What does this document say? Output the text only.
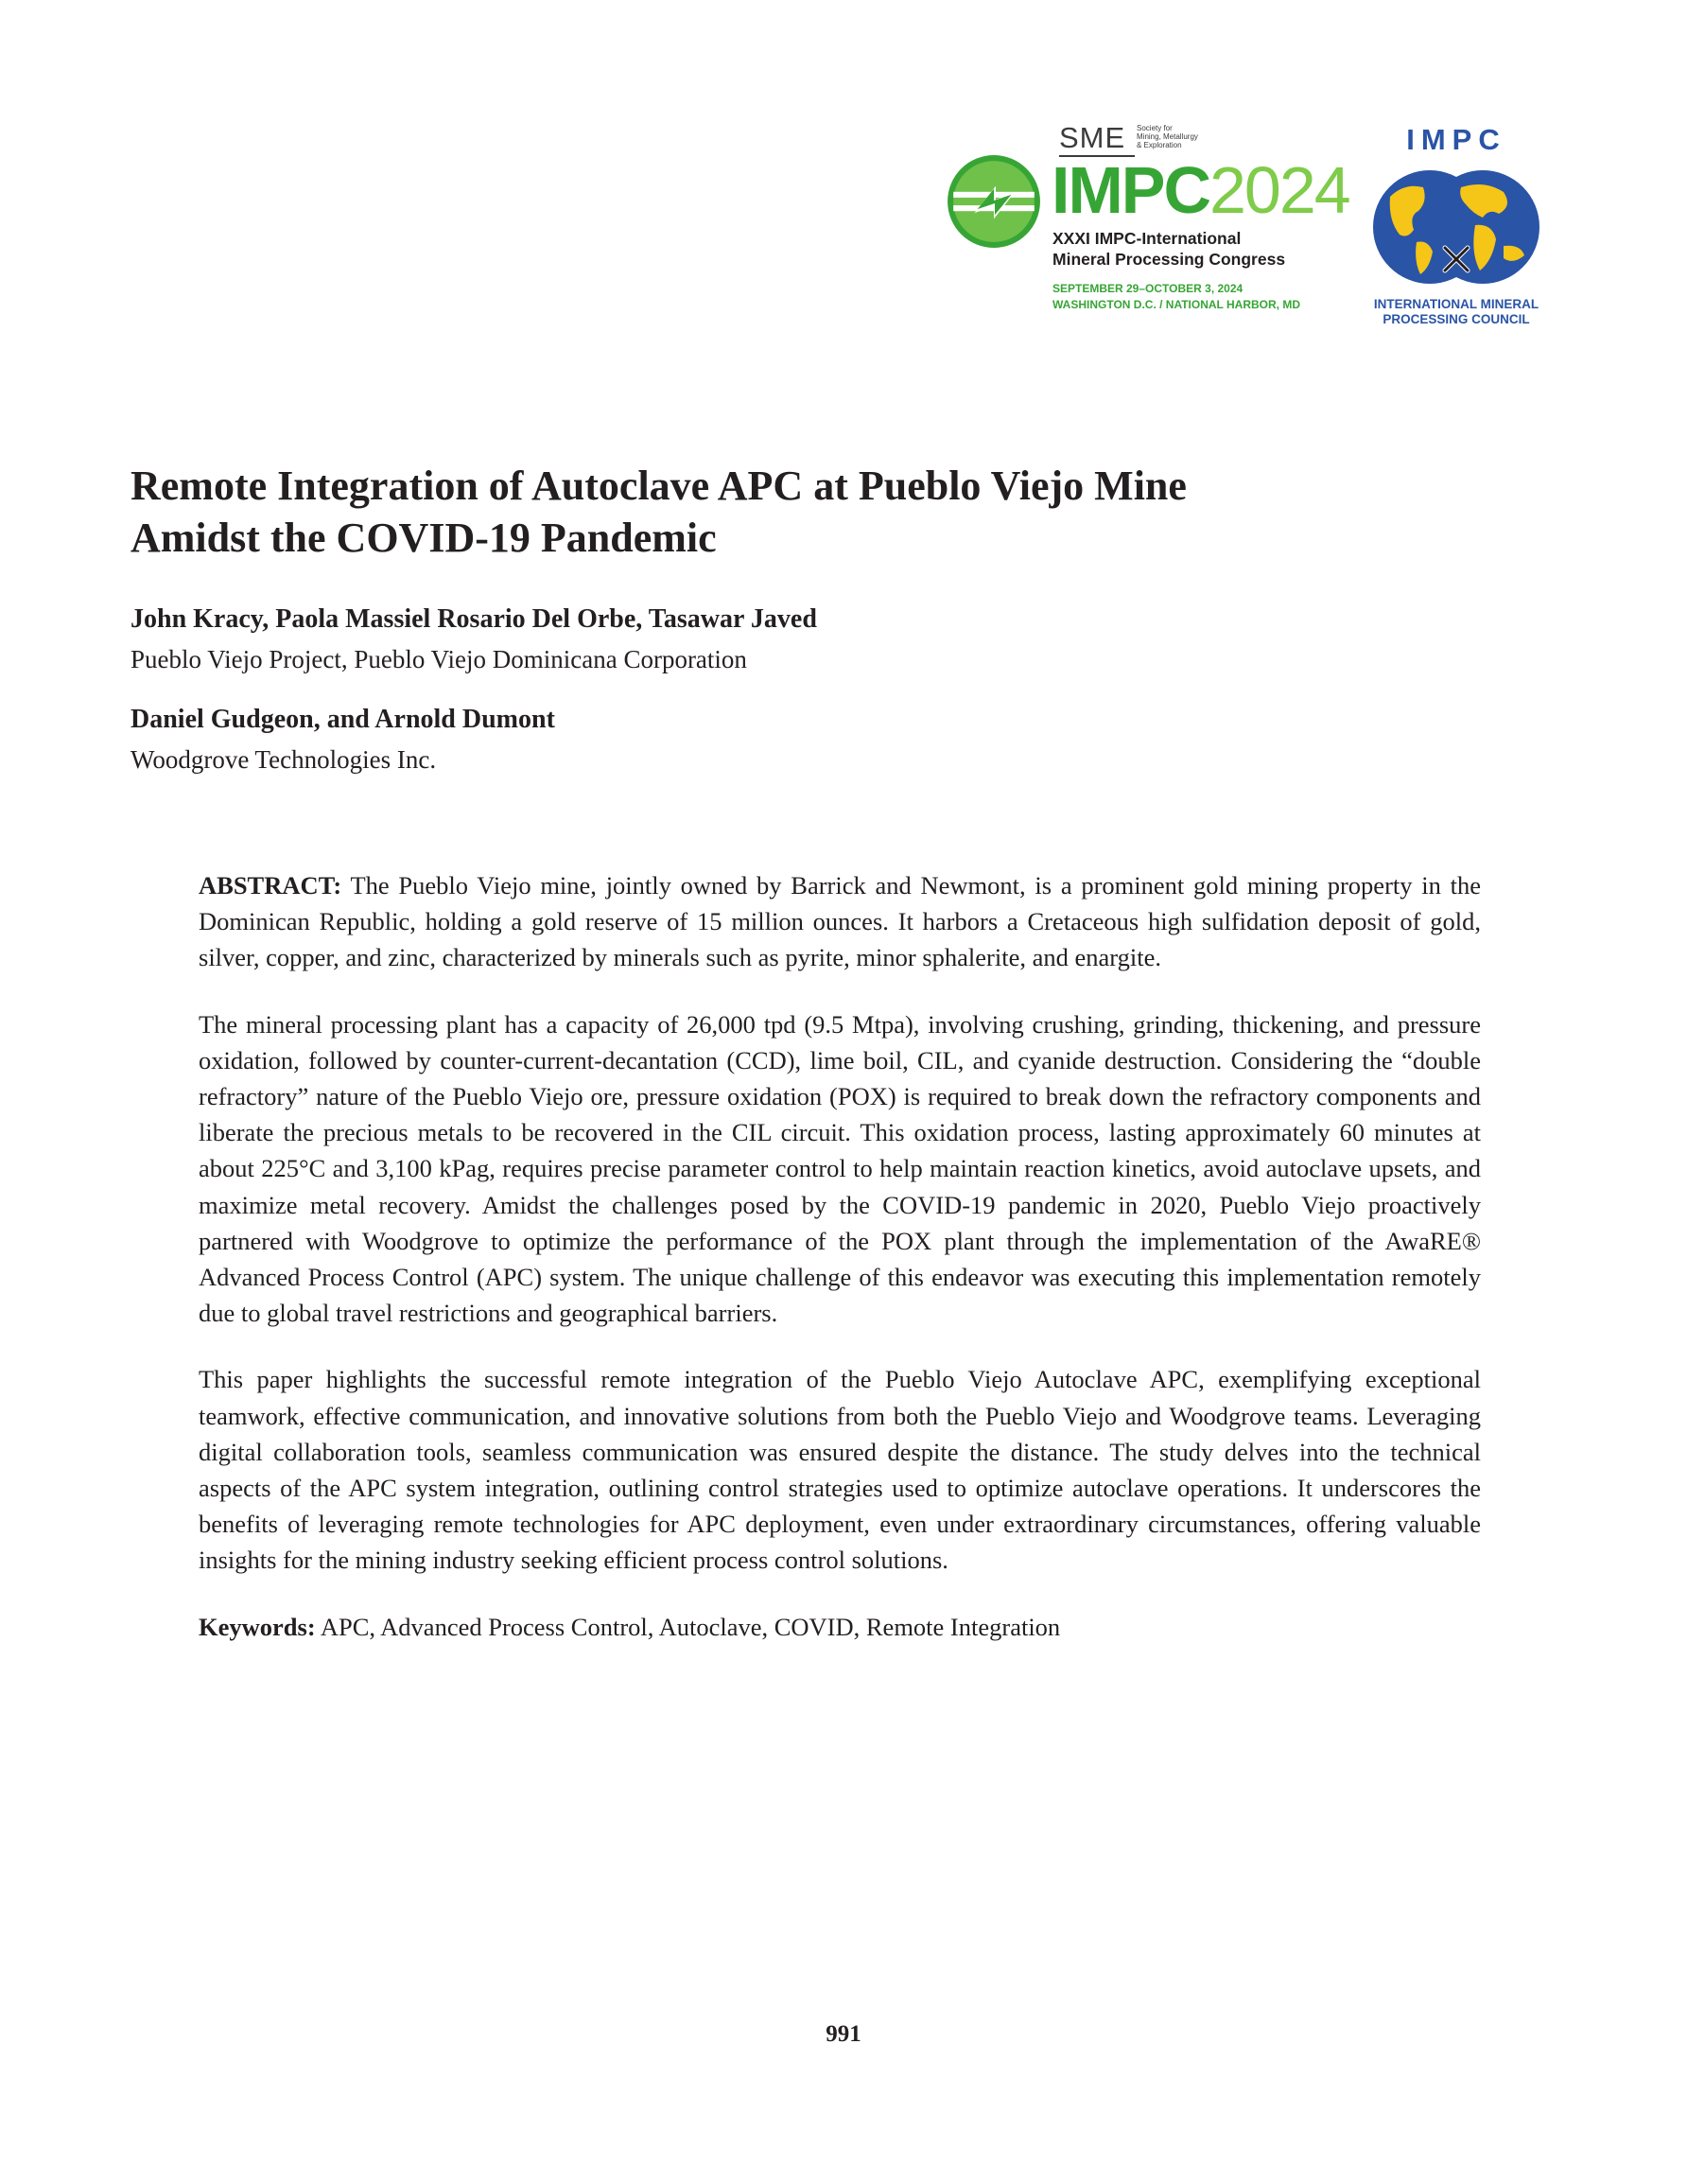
SME Society for
Mining, Metallurgy
& Exploration
IMPC2024
XXXI IMPC-International
Mineral Processing Congress
SEPTEMBER 29–OCTOBER 3, 2024
WASHINGTON D.C. / NATIONAL HARBOR, MD
IMPC
INTERNATIONAL MINERAL
PROCESSING COUNCIL
Remote Integration of Autoclave APC at Pueblo Viejo Mine
Amidst the COVID-19 Pandemic
John Kracy, Paola Massiel Rosario Del Orbe, Tasawar Javed
Pueblo Viejo Project, Pueblo Viejo Dominicana Corporation
Daniel Gudgeon, and Arnold Dumont
Woodgrove Technologies Inc.

ABSTRACT: The Pueblo Viejo mine, jointly owned by Barrick and Newmont, is a prominent gold mining property in the Dominican Republic, holding a gold reserve of 15 million ounces. It harbors a Cretaceous high sulfidation deposit of gold, silver, copper, and zinc, characterized by minerals such as pyrite, minor sphalerite, and enargite.

The mineral processing plant has a capacity of 26,000 tpd (9.5 Mtpa), involving crushing, grinding, thickening, and pressure oxidation, followed by counter-current-decantation (CCD), lime boil, CIL, and cyanide destruction. Considering the “double refractory” nature of the Pueblo Viejo ore, pressure oxidation (POX) is required to break down the refractory components and liberate the precious metals to be recovered in the CIL circuit. This oxidation process, lasting approximately 60 minutes at about 225°C and 3,100 kPag, requires precise parameter control to help maintain reaction kinetics, avoid autoclave upsets, and maximize metal recovery. Amidst the challenges posed by the COVID-19 pandemic in 2020, Pueblo Viejo proactively partnered with Woodgrove to optimize the performance of the POX plant through the implementation of the AwaRE® Advanced Process Control (APC) system. The unique challenge of this endeavor was executing this implementation remotely due to global travel restrictions and geographical barriers.

This paper highlights the successful remote integration of the Pueblo Viejo Autoclave APC, exemplifying exceptional teamwork, effective communication, and innovative solutions from both the Pueblo Viejo and Woodgrove teams. Leveraging digital collaboration tools, seamless communication was ensured despite the distance. The study delves into the technical aspects of the APC system integration, outlining control strategies used to optimize autoclave operations. It underscores the benefits of leveraging remote technologies for APC deployment, even under extraordinary circumstances, offering valuable insights for the mining industry seeking efficient process control solutions.

Keywords: APC, Advanced Process Control, Autoclave, COVID, Remote Integration

991
